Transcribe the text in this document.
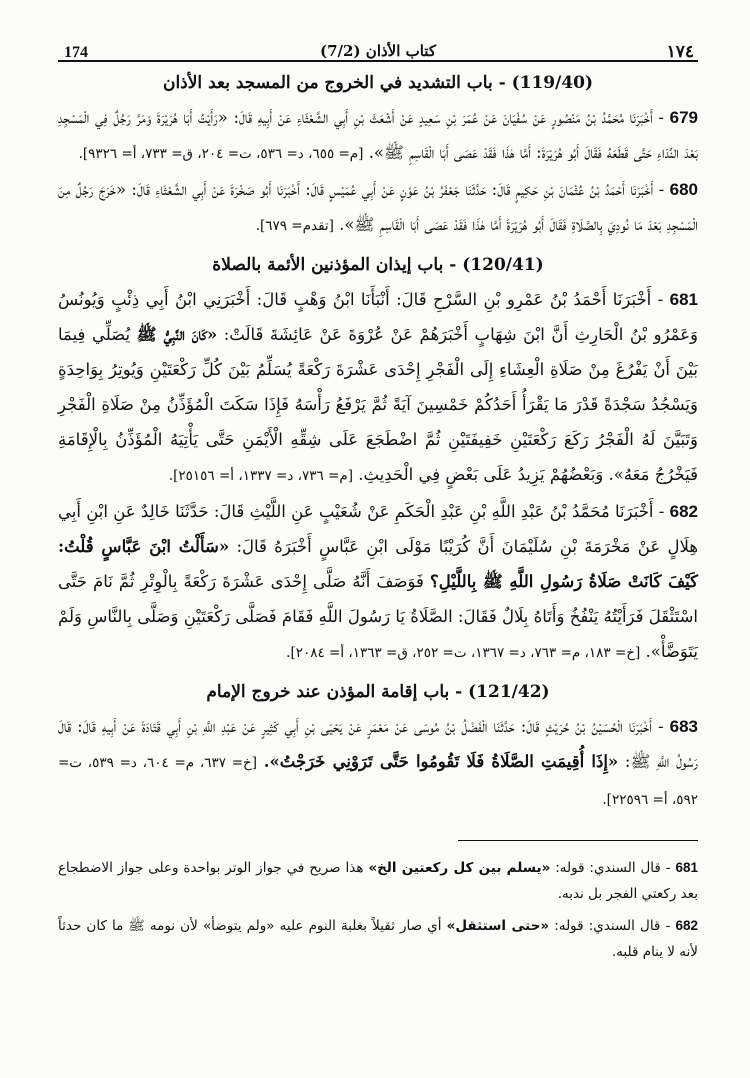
174	(7/2) كتاب الأذان	١٧٤
(119/40) - باب التشديد في الخروج من المسجد بعد الأذان

679 - أَخْبَرَنَا مُحَمَّدُ بْنُ مَنْصُورٍ عَنْ سُفْيَانَ عَنْ عُمَرَ بْنِ سَعِيدٍ عَنْ أَشْعَثَ بْنِ أَبِي الشَّعْثَاءِ عَنْ أَبِيهِ قَالَ: «رَأَيْتُ أَبَا هُرَيْرَةَ وَمَرَّ رَجُلٌ فِي الْمَسْجِدِ بَعْدَ النِّدَاءِ حَتَّى قَطَعَهُ فَقَالَ أَبُو هُرَيْرَةَ: أَمَّا هٰذَا فَقَدْ عَصَى أَبَا الْقَاسِمِ ﷺ». [م= ٦٥٥، د= ٥٣٦، ت= ٢٠٤، ق= ٧٣٣، أ= ٩٣٢٦].

680 - أَخْبَرَنَا أَحْمَدُ بْنُ عُثْمَانَ بْنِ حَكِيمٍ قَالَ: حَدَّثَنَا جَعْفَرُ بْنُ عَوْنٍ عَنْ أَبِي عُمَيْسٍ قَالَ: أَخْبَرَنَا أَبُو صَخْرَةَ عَنْ أَبِي الشَّعْثَاءِ قَالَ: «خَرَجَ رَجُلٌ مِنَ الْمَسْجِدِ بَعْدَ مَا نُودِيَ بِالصَّلَاةِ فَقَالَ أَبُو هُرَيْرَةَ أَمَّا هٰذَا فَقَدْ عَصَى أَبَا الْقَاسِمِ ﷺ». [تقدم= ٦٧٩].

(120/41) - باب إيذان المؤذنين الأئمة بالصلاة

681 - أَخْبَرَنَا أَحْمَدُ بْنُ عَمْرِو بْنِ السَّرْحِ قَالَ: أَنْبَأَنَا ابْنُ وَهْبٍ قَالَ: أَخْبَرَنِي ابْنُ أَبِي ذِئْبٍ وَيُونُسُ وَعَمْرُو بْنُ الْحَارِثِ أَنَّ ابْنَ شِهَابٍ أَخْبَرَهُمْ عَنْ عُرْوَةَ عَنْ عَائِشَةَ قَالَتْ: «كَانَ النَّبِيُّ ﷺ يُصَلِّي فِيمَا بَيْنَ أَنْ يَفْرُغَ مِنْ صَلَاةِ الْعِشَاءِ إِلَى الْفَجْرِ إِحْدَى عَشْرَةَ رَكْعَةً يُسَلِّمُ بَيْنَ كُلِّ رَكْعَتَيْنِ وَيُوتِرُ بِوَاحِدَةٍ وَيَسْجُدُ سَجْدَةً قَدْرَ مَا يَقْرَأُ أَحَدُكُمْ خَمْسِينَ آيَةً ثُمَّ يَرْفَعُ رَأْسَهُ فَإِذَا سَكَتَ الْمُؤَذِّنُ مِنْ صَلَاةِ الْفَجْرِ وَتَبَيَّنَ لَهُ الْفَجْرُ رَكَعَ رَكْعَتَيْنِ خَفِيفَتَيْنِ ثُمَّ اضْطَجَعَ عَلَى شِقِّهِ الْأَيْمَنِ حَتَّى يَأْتِيَهُ الْمُؤَذِّنُ بِالْإِقَامَةِ فَيَخْرُجُ مَعَهُ». وَبَعْضُهُمْ يَزِيدُ عَلَى بَعْضٍ فِي الْحَدِيثِ. [م= ٧٣٦، د= ١٣٣٧، أ= ٢٥١٥٦].

682 - أَخْبَرَنَا مُحَمَّدُ بْنُ عَبْدِ اللَّهِ بْنِ عَبْدِ الْحَكَمِ عَنْ شُعَيْبٍ عَنِ اللَّيْثِ قَالَ: حَدَّثَنَا خَالِدٌ عَنِ ابْنِ أَبِي هِلَالٍ عَنْ مَخْرَمَةَ بْنِ سُلَيْمَانَ أَنَّ كُرَيْبًا مَوْلَى ابْنِ عَبَّاسٍ أَخْبَرَهُ قَالَ: «سَأَلْتُ ابْنَ عَبَّاسٍ قُلْتُ: كَيْفَ كَانَتْ صَلَاةُ رَسُولِ اللَّهِ ﷺ بِاللَّيْلِ؟ فَوَصَفَ أَنَّهُ صَلَّى إِحْدَى عَشْرَةَ رَكْعَةً بِالْوِتْرِ ثُمَّ نَامَ حَتَّى اسْتَثْقَلَ فَرَأَيْتُهُ يَنْفُخُ وَأَتَاهُ بِلَالٌ فَقَالَ: الصَّلَاةُ يَا رَسُولَ اللَّهِ فَقَامَ فَصَلَّى رَكْعَتَيْنِ وَصَلَّى بِالنَّاسِ وَلَمْ يَتَوَضَّأْ». [خ= ١٨٣، م= ٧٦٣، د= ١٣٦٧، ت= ٢٥٢، ق= ١٣٦٣، أ= ٢٠٨٤].

(121/42) - باب إقامة المؤذن عند خروج الإمام

683 - أَخْبَرَنَا الْحُسَيْنُ بْنُ حُرَيْثٍ قَالَ: حَدَّثَنَا الْفَضْلُ بْنُ مُوسَى عَنْ مَعْمَرٍ عَنْ يَحْيَى بْنِ أَبِي كَثِيرٍ عَنْ عَبْدِ اللَّهِ بْنِ أَبِي قَتَادَةَ عَنْ أَبِيهِ قَالَ: قَالَ رَسُولُ اللَّهِ ﷺ: «إِذَا أُقِيمَتِ الصَّلَاةُ فَلَا تَقُومُوا حَتَّى تَرَوْنِي خَرَجْتُ». [خ= ٦٣٧، م= ٦٠٤، د= ٥٣٩، ت= ٥٩٢، أ= ٢٢٥٩٦].

681 - قال السندي: قوله: «يسلم بين كل ركعتين الخ» هذا صريح في جواز الوتر بواحدة وعلى جواز الاضطجاع بعد ركعتي الفجر بل ندبه.

682 - قال السندي: قوله: «حتى استثقل» أي صار ثقيلاً بغلبة النوم عليه «ولم يتوضأ» لأن نومه ﷺ ما كان حدثاً لأنه لا ينام قلبه.
